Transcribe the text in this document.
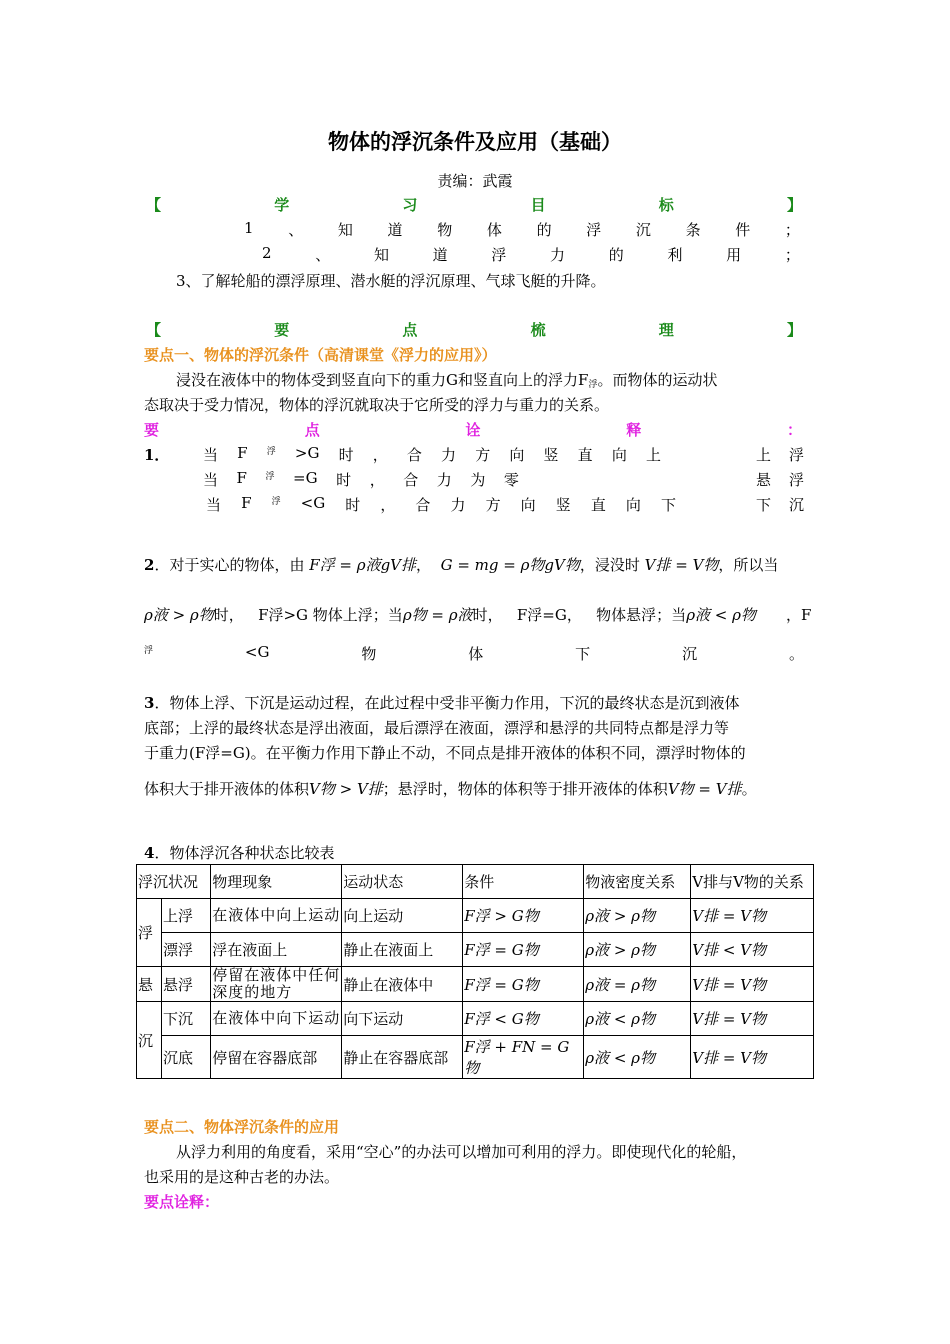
物体的浮沉条件及应用（基础）
责编：武霞
【	学	习	目	标	】
1 、 知 道 物 体 的 浮 沉 条 件 ；
2	、	知	道	浮	力	的	利	用	；
3、了解轮船的漂浮原理、潜水艇的浮沉原理、气球飞艇的升降。
【	要	点	梳	理	】
要点一、物体的浮沉条件（高清课堂《浮力的应用》）
浸没在液体中的物体受到竖直向下的重力G和竖直向上的浮力$F_浮$。而物体的运动状
态取决于受力情况，物体的浮沉就取决于它所受的浮力与重力的关系。
要	点	诠	释	：
1． 当 F 浮 >G 时 ， 合 力 方 向 竖 直 向 上	上 浮
当 F 浮 =G 时 ， 合 力 为 零	悬 浮
当 F 浮 <G 时 ， 合 力 方 向 竖 直 向 下	下 沉
2．对于实心的物体，由 F浮 = ρ液gV排， G = mg = ρ物gV物，浸没时 V排 = V物，所以当
ρ液 > ρ物时， F浮>G 物体上浮；当ρ物 = ρ液时， F浮=G， 物体悬浮；当ρ液 < ρ物 ，F
浮	<G	物	体	下	沉	。
3．物体上浮、下沉是运动过程，在此过程中受非平衡力作用，下沉的最终状态是沉到液体
底部；上浮的最终状态是浮出液面，最后漂浮在液面，漂浮和悬浮的共同特点都是浮力等
于重力(F浮=G)。在平衡力作用下静止不动，不同点是排开液体的体积不同，漂浮时物体的
体积大于排开液体的体积V物 > V排；悬浮时，物体的体积等于排开液体的体积V物 = V排。
4．物体浮沉各种状态比较表
浮沉状况		物理现象	运动状态	条件	物液密度关系	V排与V物的关系
浮	上浮	在液体中向上运动	向上运动	F浮 > G物	ρ液 > ρ物	V排 = V物
	漂浮	浮在液面上	静止在液面上	F浮 = G物	ρ液 > ρ物	V排 < V物
悬	悬浮	停留在液体中任何深度的地方	静止在液体中	F浮 = G物	ρ液 = ρ物	V排 = V物
沉	下沉	在液体中向下运动	向下运动	F浮 < G物	ρ液 < ρ物	V排 = V物
	沉底	停留在容器底部	静止在容器底部	F浮 + FN = G物	ρ液 < ρ物	V排 = V物
要点二、物体浮沉条件的应用
从浮力利用的角度看，采用“空心”的办法可以增加可利用的浮力。即使现代化的轮船，
也采用的是这种古老的办法。
要点诠释：
